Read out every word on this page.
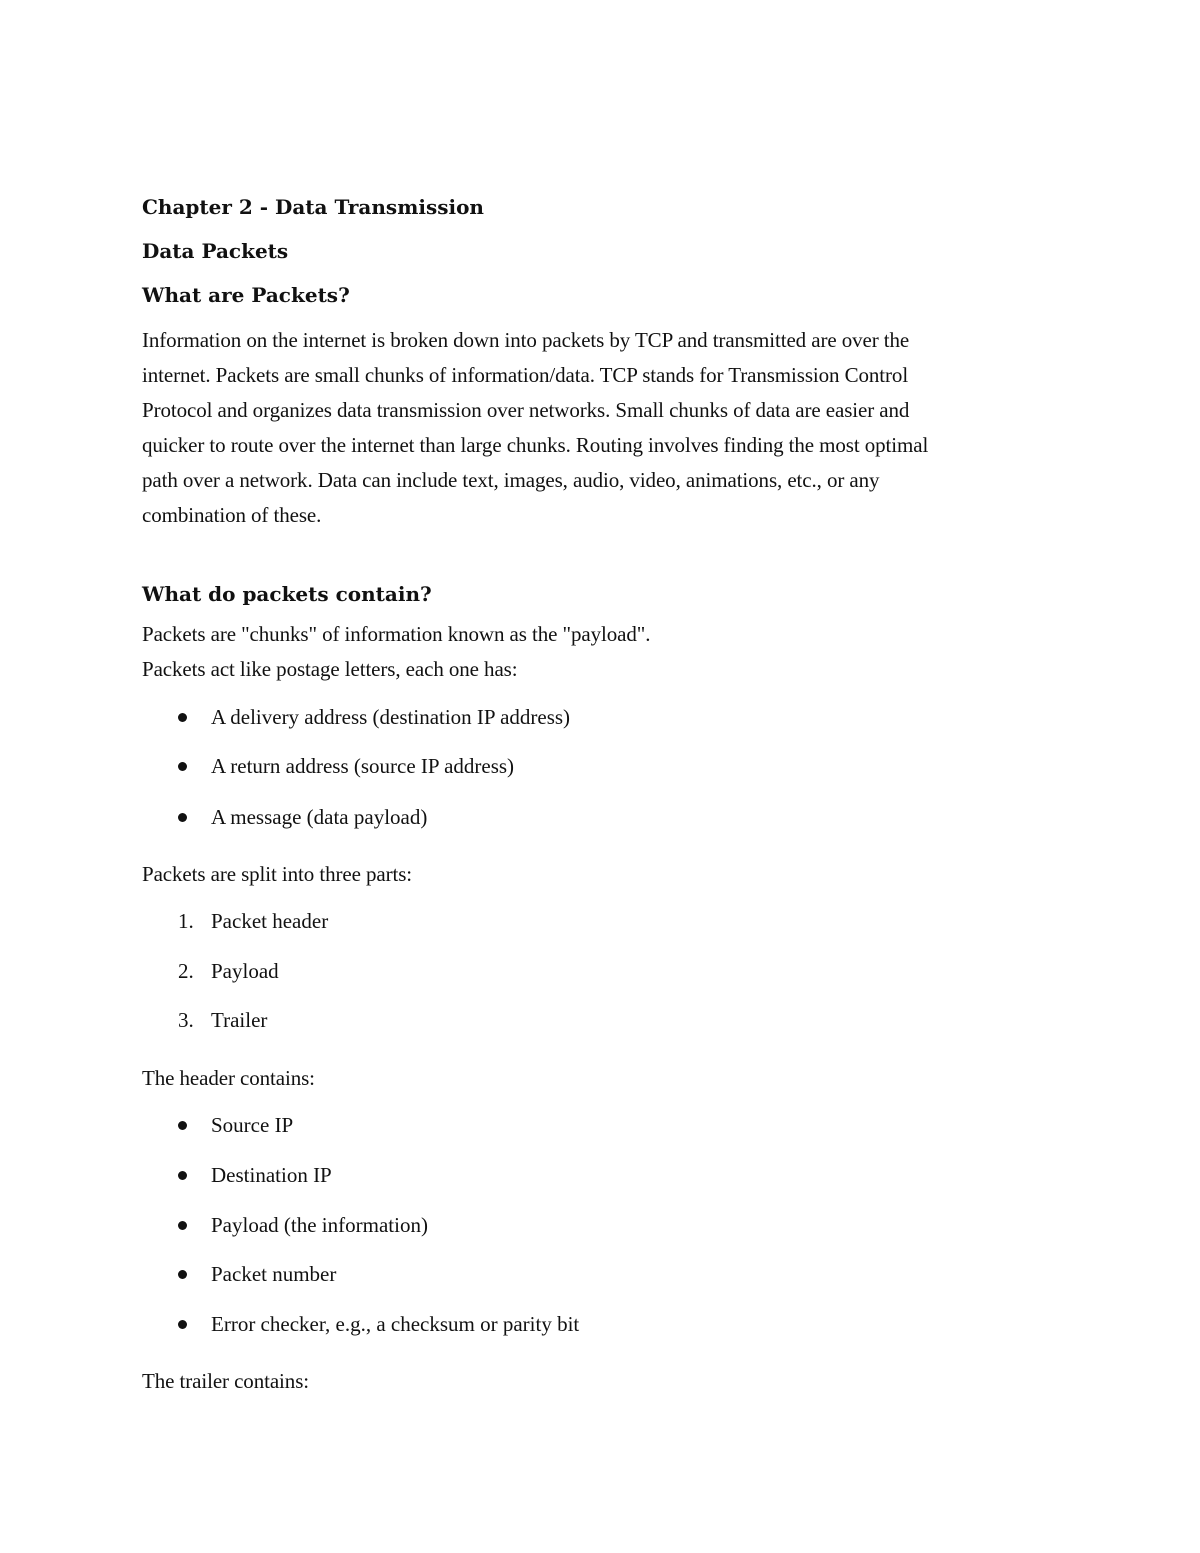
Chapter 2 - Data Transmission
Data Packets
What are Packets?
Information on the internet is broken down into packets by TCP and transmitted are over the
internet. Packets are small chunks of information/data. TCP stands for Transmission Control
Protocol and organizes data transmission over networks. Small chunks of data are easier and
quicker to route over the internet than large chunks. Routing involves finding the most optimal
path over a network. Data can include text, images, audio, video, animations, etc., or any
combination of these.
What do packets contain?
Packets are "chunks" of information known as the "payload".
Packets act like postage letters, each one has:
A delivery address (destination IP address)
A return address (source IP address)
A message (data payload)
Packets are split into three parts:
1. Packet header
2. Payload
3. Trailer
The header contains:
Source IP
Destination IP
Payload (the information)
Packet number
Error checker, e.g., a checksum or parity bit
The trailer contains:
